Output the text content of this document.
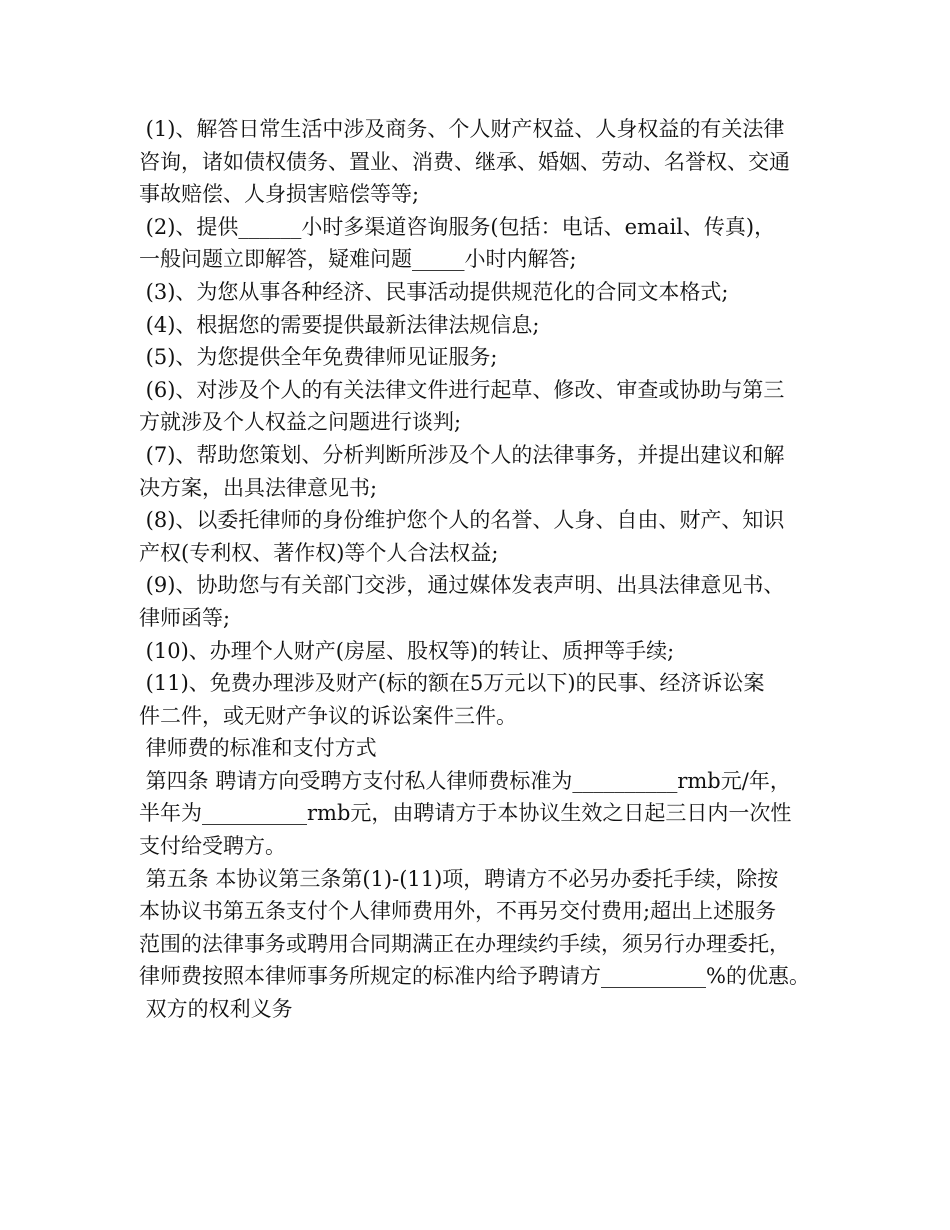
(1)、解答日常生活中涉及商务、个人财产权益、人身权益的有关法律
咨询，诸如债权债务、置业、消费、继承、婚姻、劳动、名誉权、交通
事故赔偿、人身损害赔偿等等;
(2)、提供______小时多渠道咨询服务(包括：电话、email、传真)，
一般问题立即解答，疑难问题_____小时内解答;
(3)、为您从事各种经济、民事活动提供规范化的合同文本格式;
(4)、根据您的需要提供最新法律法规信息;
(5)、为您提供全年免费律师见证服务;
(6)、对涉及个人的有关法律文件进行起草、修改、审查或协助与第三
方就涉及个人权益之问题进行谈判;
(7)、帮助您策划、分析判断所涉及个人的法律事务，并提出建议和解
决方案，出具法律意见书;
(8)、以委托律师的身份维护您个人的名誉、人身、自由、财产、知识
产权(专利权、著作权)等个人合法权益;
(9)、协助您与有关部门交涉，通过媒体发表声明、出具法律意见书、
律师函等;
(10)、办理个人财产(房屋、股权等)的转让、质押等手续;
(11)、免费办理涉及财产(标的额在5万元以下)的民事、经济诉讼案
件二件，或无财产争议的诉讼案件三件。
律师费的标准和支付方式
第四条 聘请方向受聘方支付私人律师费标准为__________rmb元/年，
半年为__________rmb元，由聘请方于本协议生效之日起三日内一次性
支付给受聘方。
第五条 本协议第三条第(1)-(11)项，聘请方不必另办委托手续，除按
本协议书第五条支付个人律师费用外，不再另交付费用;超出上述服务
范围的法律事务或聘用合同期满正在办理续约手续，须另行办理委托，
律师费按照本律师事务所规定的标准内给予聘请方__________%的优惠。
双方的权利义务
